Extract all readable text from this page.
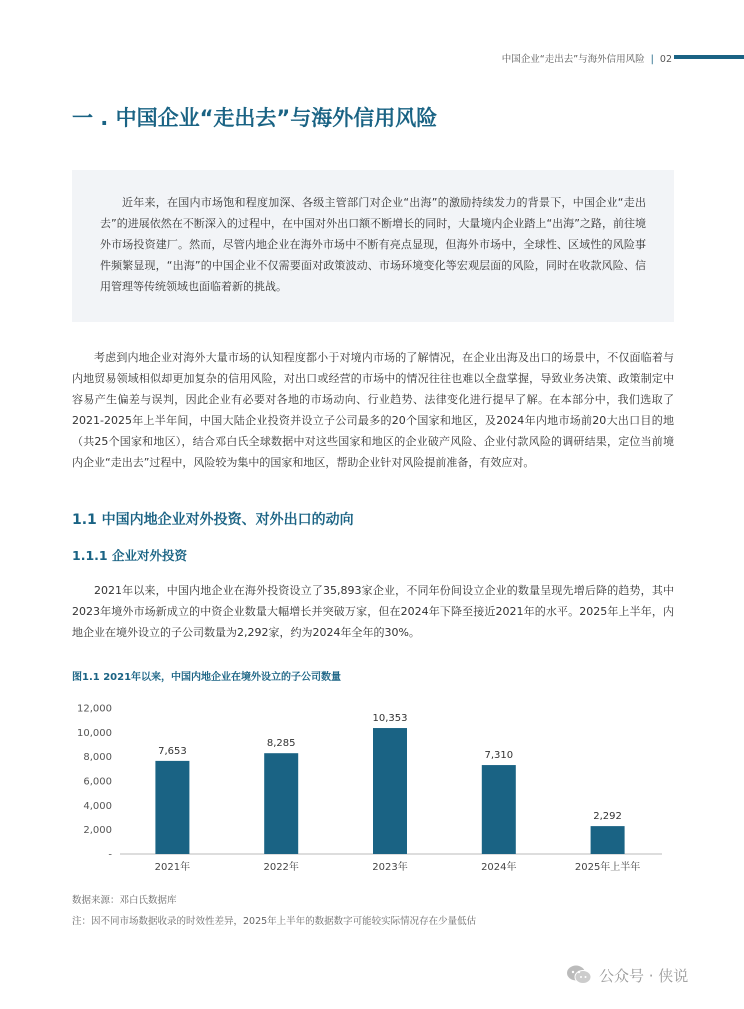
中国企业“走出去”与海外信用风险 | 02
一 . 中国企业“走出去”与海外信用风险

近年来，在国内市场饱和程度加深、各级主管部门对企业“出海”的激励持续发力的背景下，中国企业“走出去”的进展依然在不断深入的过程中，在中国对外出口额不断增长的同时，大量境内企业踏上“出海”之路，前往境外市场投资建厂。然而，尽管内地企业在海外市场中不断有亮点显现，但海外市场中，全球性、区域性的风险事件频繁显现，“出海”的中国企业不仅需要面对政策波动、市场环境变化等宏观层面的风险，同时在收款风险、信用管理等传统领域也面临着新的挑战。

考虑到内地企业对海外大量市场的认知程度都小于对境内市场的了解情况，在企业出海及出口的场景中，不仅面临着与内地贸易领域相似却更加复杂的信用风险，对出口或经营的市场中的情况往往也难以全盘掌握，导致业务决策、政策制定中容易产生偏差与误判，因此企业有必要对各地的市场动向、行业趋势、法律变化进行提早了解。在本部分中，我们选取了2021-2025年上半年间，中国大陆企业投资并设立子公司最多的20个国家和地区，及2024年内地市场前20大出口目的地（共25个国家和地区），结合邓白氏全球数据中对这些国家和地区的企业破产风险、企业付款风险的调研结果，定位当前境内企业“走出去”过程中，风险较为集中的国家和地区，帮助企业针对风险提前准备，有效应对。

1.1 中国内地企业对外投资、对外出口的动向
1.1.1 企业对外投资

2021年以来，中国内地企业在海外投资设立了35,893家企业，不同年份间设立企业的数量呈现先增后降的趋势，其中2023年境外市场新成立的中资企业数量大幅增长并突破万家，但在2024年下降至接近2021年的水平。2025年上半年，内地企业在境外设立的子公司数量为2,292家，约为2024年全年的30%。

图1.1 2021年以来，中国内地企业在境外设立的子公司数量

-
2,000
4,000
6,000
8,000
10,000
12,000
7,653
2021年
8,285
2022年
10,353
2023年
7,310
2024年
2,292
2025年上半年

数据来源：邓白氏数据库

注：因不同市场数据收录的时效性差异，2025年上半年的数据数字可能较实际情况存在少量低估

公众号 · 侠说
